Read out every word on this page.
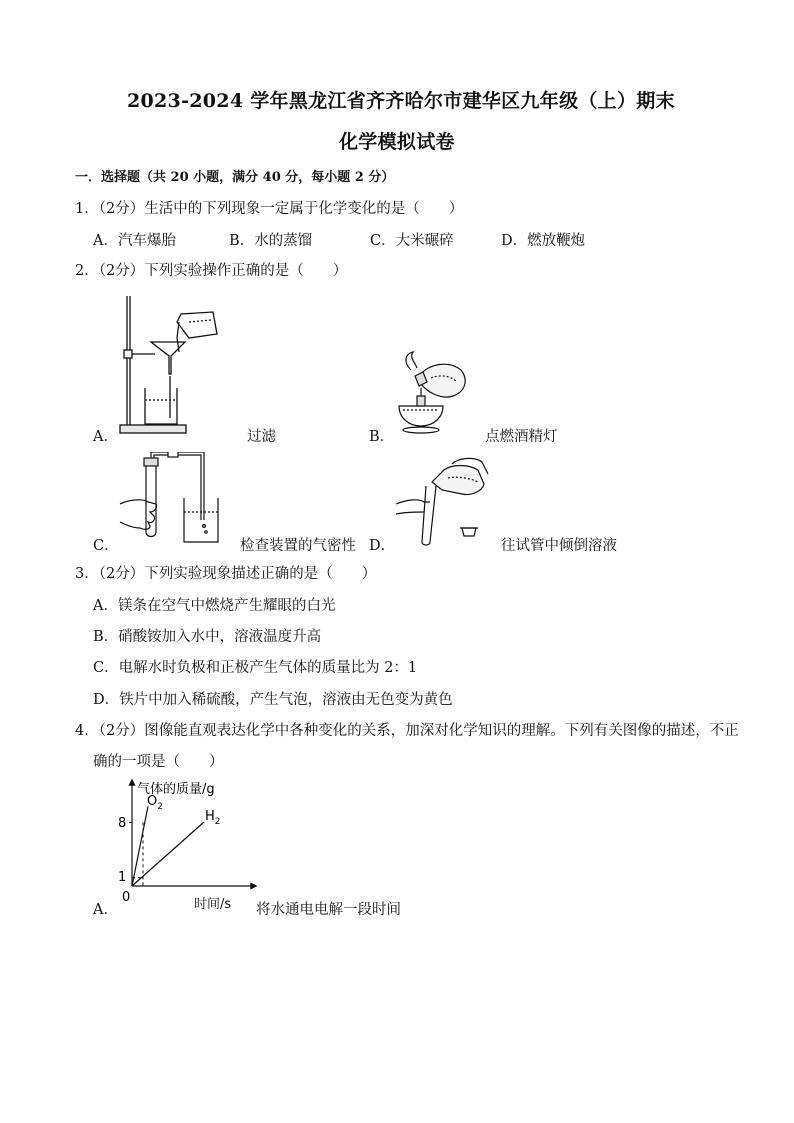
2023-2024 学年黑龙江省齐齐哈尔市建华区九年级（上）期末
化学模拟试卷
一．选择题（共 20 小题，满分 40 分，每小题 2 分）
1．（2分）生活中的下列现象一定属于化学变化的是（　　）
A．汽车爆胎	B．水的蒸馏	C．大米碾碎	D．燃放鞭炮
2．（2分）下列实验操作正确的是（　　）
A．	过滤	B．	点燃酒精灯
C．	检查装置的气密性 D．	往试管中倾倒溶液
3．（2分）下列实验现象描述正确的是（　　）
A．镁条在空气中燃烧产生耀眼的白光
B．硝酸铵加入水中，溶液温度升高
C．电解水时负极和正极产生气体的质量比为 2：1
D．铁片中加入稀硫酸，产生气泡，溶液由无色变为黄色
4．（2分）图像能直观表达化学中各种变化的关系，加深对化学知识的理解。下列有关图像的描述，不正
确的一项是（　　）
气体的质量/g
0
8
1
$O_2$
$H_2$
时间/s
A．	将水通电电解一段时间
